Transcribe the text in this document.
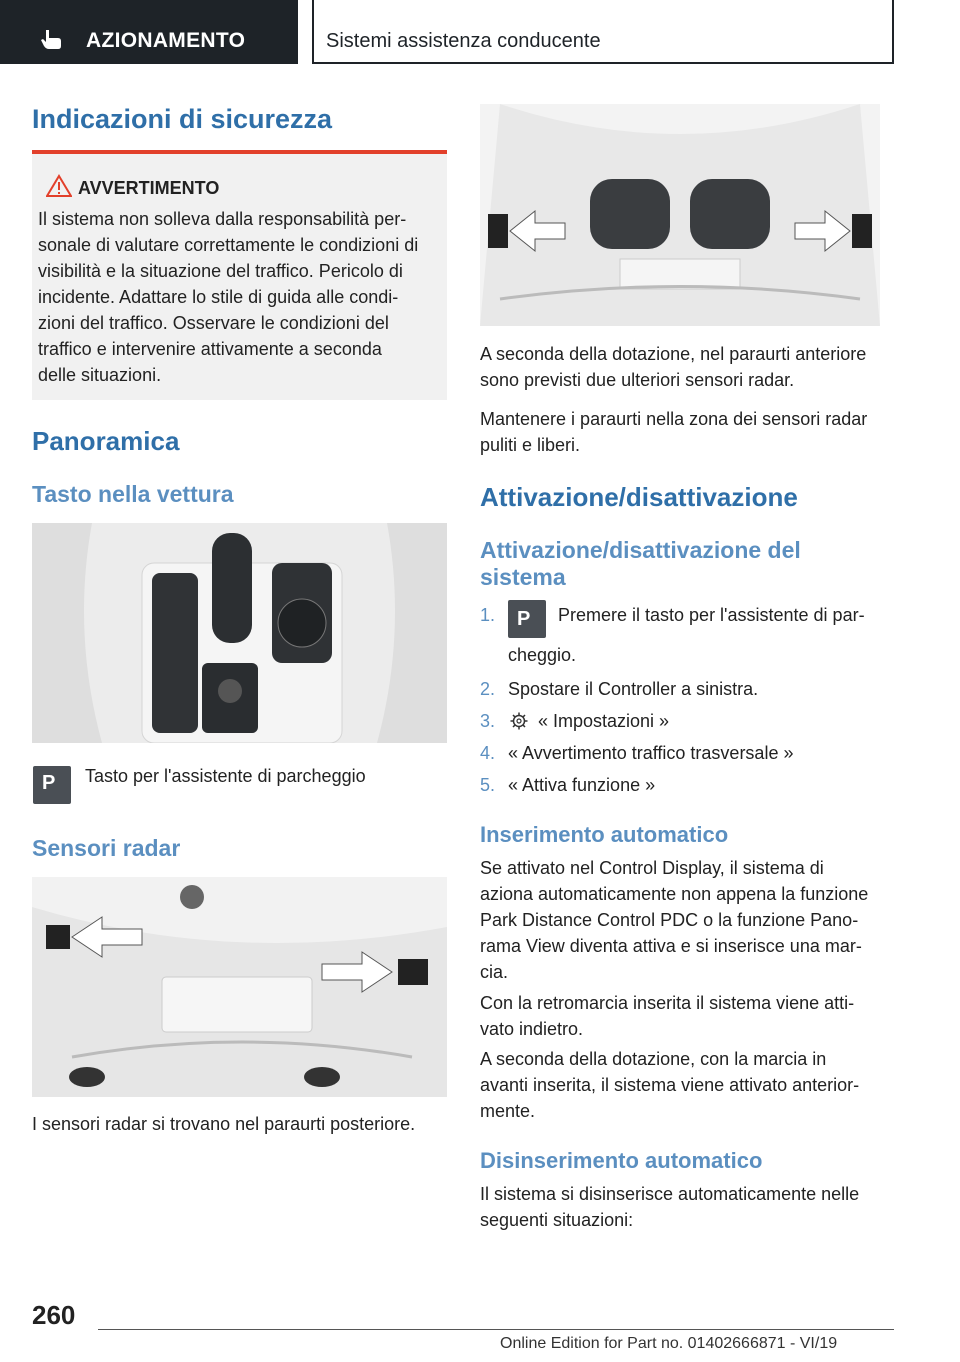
AZIONAMENTO	Sistemi assistenza conducente
Indicazioni di sicurezza
AVVERTIMENTO
Il sistema non solleva dalla responsabilità per-
sonale di valutare correttamente le condizioni di
visibilità e la situazione del traffico. Pericolo di
incidente. Adattare lo stile di guida alle condi-
zioni del traffico. Osservare le condizioni del
traffico e intervenire attivamente a seconda
delle situazioni.
Panoramica
Tasto nella vettura
P Tasto per l'assistente di parcheggio

Sensori radar

I sensori radar si trovano nel paraurti posteriore.

A seconda della dotazione, nel paraurti anteriore
sono previsti due ulteriori sensori radar.

Mantenere i paraurti nella zona dei sensori radar
puliti e liberi.

Attivazione/disattivazione
Attivazione/disattivazione del
sistema
1. P Premere il tasto per l'assistente di par-
cheggio.
2. Spostare il Controller a sinistra.
3. « Impostazioni »
4. « Avvertimento traffico trasversale »
5. « Attiva funzione »
Inserimento automatico

Se attivato nel Control Display, il sistema di
aziona automaticamente non appena la funzione
Park Distance Control PDC o la funzione Pano-
rama View diventa attiva e si inserisce una mar-
cia.

Con la retromarcia inserita il sistema viene atti-
vato indietro.

A seconda della dotazione, con la marcia in
avanti inserita, il sistema viene attivato anterior-
mente.

Disinserimento automatico

Il sistema si disinserisce automaticamente nelle
seguenti situazioni:

260
Online Edition for Part no. 01402666871 - VI/19
